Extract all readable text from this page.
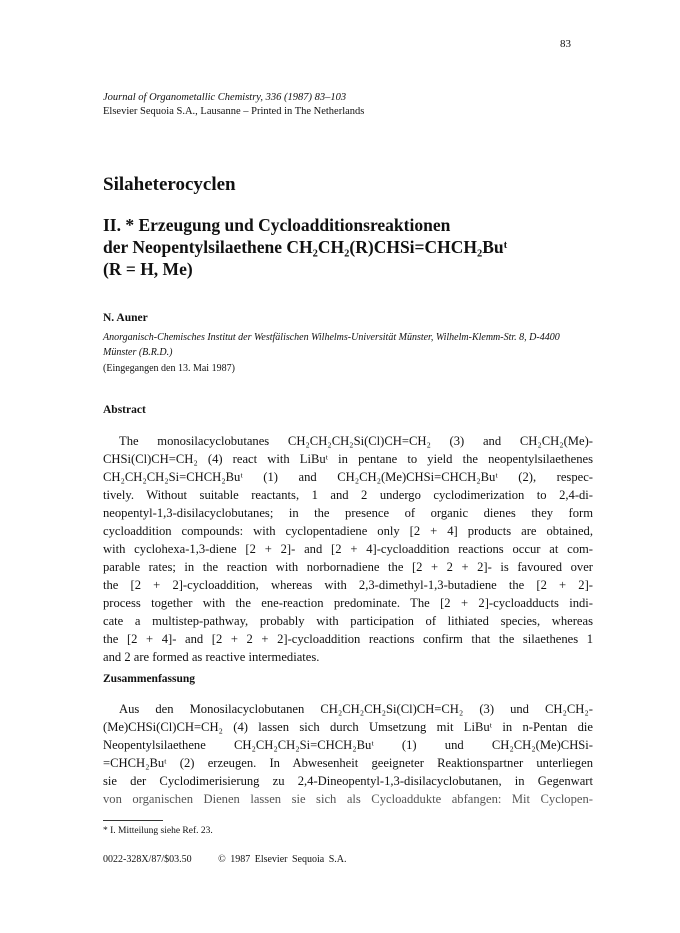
83
Journal of Organometallic Chemistry, 336 (1987) 83–103
Elsevier Sequoia S.A., Lausanne – Printed in The Netherlands
Silaheterocyclen
II. * Erzeugung und Cycloadditionsreaktionen
der Neopentylsilaethene CH₂CH₂(R)CHSi=CHCH₂Buᵗ
(R = H, Me)
N. Auner
Anorganisch-Chemisches Institut der Westfälischen Wilhelms-Universität Münster, Wilhelm-Klemm-Str. 8, D-4400 Münster (B.R.D.)
(Eingegangen den 13. Mai 1987)
Abstract
The monosilacyclobutanes CH₂CH₂CH₂Si(Cl)CH=CH₂ (3) and CH₂CH₂(Me)-
CHSi(Cl)CH=CH₂ (4) react with LiBuᵗ in pentane to yield the neopentylsilaethenes
CH₂CH₂CH₂Si=CHCH₂Buᵗ (1) and CH₂CH₂(Me)CHSi=CHCH₂Buᵗ (2), respec-
tively. Without suitable reactants, 1 and 2 undergo cyclodimerization to 2,4-di-
neopentyl-1,3-disilacyclobutanes; in the presence of organic dienes they form
cycloaddition compounds: with cyclopentadiene only [2 + 4] products are obtained,
with cyclohexa-1,3-diene [2 + 2]- and [2 + 4]-cycloaddition reactions occur at com-
parable rates; in the reaction with norbornadiene the [2 + 2 + 2]- is favoured over
the [2 + 2]-cycloaddition, whereas with 2,3-dimethyl-1,3-butadiene the [2 + 2]-
process together with the ene-reaction predominate. The [2 + 2]-cycloadducts indi-
cate a multistep-pathway, probably with participation of lithiated species, whereas
the [2 + 4]- and [2 + 2 + 2]-cycloaddition reactions confirm that the silaethenes 1
and 2 are formed as reactive intermediates.
Zusammenfassung
Aus den Monosilacyclobutanen CH₂CH₂CH₂Si(Cl)CH=CH₂ (3) und CH₂CH₂-
(Me)CHSi(Cl)CH=CH₂ (4) lassen sich durch Umsetzung mit LiBuᵗ in n-Pentan die
Neopentylsilaethene CH₂CH₂CH₂Si=CHCH₂Buᵗ (1) und CH₂CH₂(Me)CHSi-
=CHCH₂Buᵗ (2) erzeugen. In Abwesenheit geeigneter Reaktionspartner unterliegen
sie der Cyclodimerisierung zu 2,4-Dineopentyl-1,3-disilacyclobutanen, in Gegenwart
von organischen Dienen lassen sie sich als Cycloaddukte abfangen: Mit Cyclopen-
* I. Mitteilung siehe Ref. 23.
0022-328X/87/$03.50	© 1987 Elsevier Sequoia S.A.
